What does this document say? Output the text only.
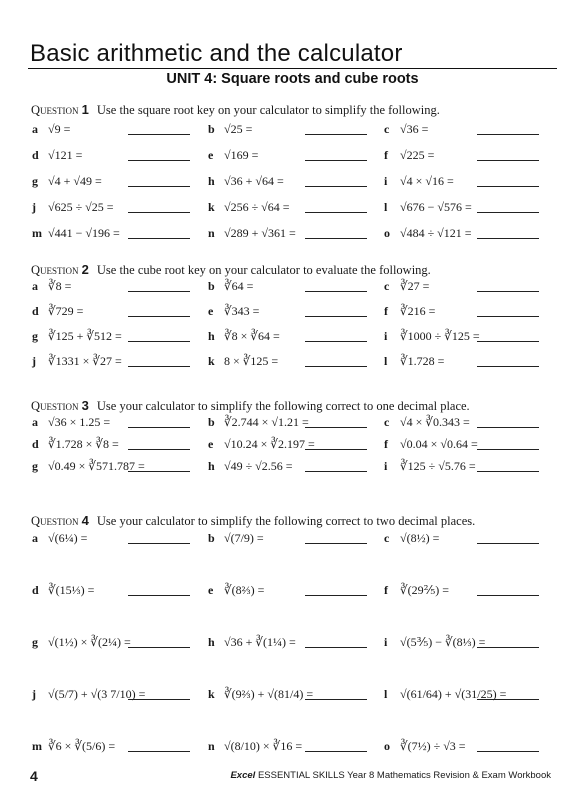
Basic arithmetic and the calculator
UNIT 4: Square roots and cube roots
Question 1 Use the square root key on your calculator to simplify the following.
a √9 =	b √25 =	c √36 =
d √121 =	e √169 =	f √225 =
g √4 + √49 =	h √36 + √64 =	i √4 × √16 =
j √625 ÷ √25 =	k √256 ÷ √64 =	l √676 − √576 =
m √441 − √196 =	n √289 + √361 =	o √484 ÷ √121 =
Question 2 Use the cube root key on your calculator to evaluate the following.
a ∛8 =	b ∛64 =	c ∛27 =
d ∛729 =	e ∛343 =	f ∛216 =
g ∛125 + ∛512 =	h ∛8 × ∛64 =	i ∛1000 ÷ ∛125 =
j ∛1331 × ∛27 =	k 8 × ∛125 =	l ∛1.728 =
Question 3 Use your calculator to simplify the following correct to one decimal place.
a √36 × 1.25 =	b ∛2.744 × √1.21 =	c √4 × ∛0.343 =
d ∛1.728 × ∛8 =	e √10.24 × ∛2.197 =	f √0.04 × √0.64 =
g √0.49 × ∛571.787 =	h √49 ÷ √2.56 =	i ∛125 ÷ √5.76 =
Question 4 Use your calculator to simplify the following correct to two decimal places.
a √(6¼) =	b √(7/9) =	c √(8½) =
d ∛(15⅓) =	e ∛(8⅔) =	f ∛(29⅖) =
g √(1½) × ∛(2¼) =	h √36 + ∛(1¼) =	i √(5⅗) − ∛(8⅓) =
j √(5/7) + √(3 7/10) =	k ∛(9⅔) + √(81/4) =	l √(61/64) + √(31/25) =
m ∛6 × ∛(5/6) =	n √(8/10) × ∛16 =	o ∛(7½) ÷ √3 =
4	Excel ESSENTIAL SKILLS Year 8 Mathematics Revision & Exam Workbook
